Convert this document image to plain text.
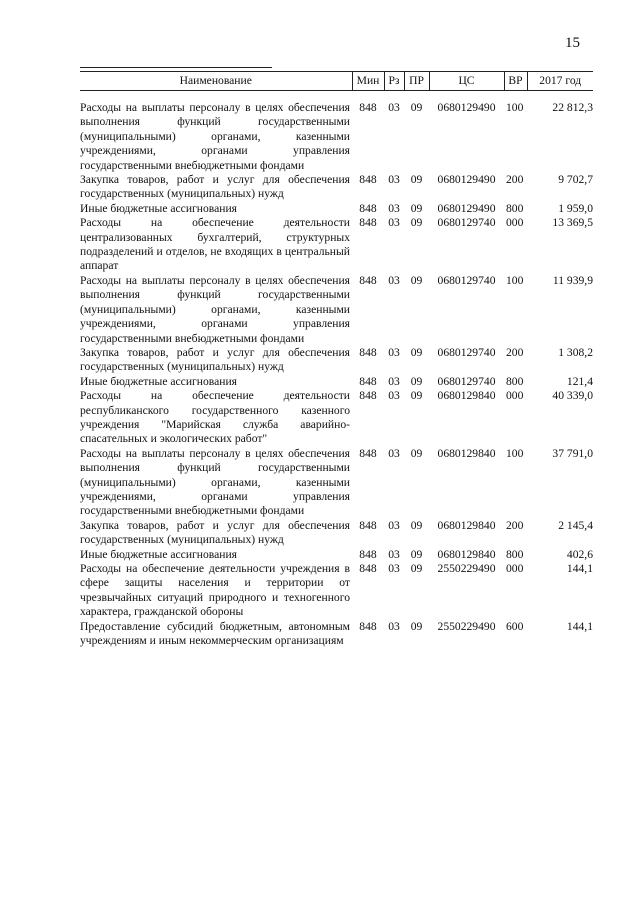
15
Наименование	Мин	Рз	ПР	ЦС	ВР	2017 год
Расходы на выплаты персоналу в целях обеспечения выполнения функций государственными (муниципальными) органами, казенными учреждениями, органами управления государственными внебюджетными фондами	848	03	09	0680129490	100	22 812,3
Закупка товаров, работ и услуг для обеспечения государственных (муниципальных) нужд	848	03	09	0680129490	200	9 702,7
Иные бюджетные ассигнования	848	03	09	0680129490	800	1 959,0
Расходы на обеспечение деятельности централизованных бухгалтерий, структурных подразделений и отделов, не входящих в центральный аппарат	848	03	09	0680129740	000	13 369,5
Расходы на выплаты персоналу в целях обеспечения выполнения функций государственными (муниципальными) органами, казенными учреждениями, органами управления государственными внебюджетными фондами	848	03	09	0680129740	100	11 939,9
Закупка товаров, работ и услуг для обеспечения государственных (муниципальных) нужд	848	03	09	0680129740	200	1 308,2
Иные бюджетные ассигнования	848	03	09	0680129740	800	121,4
Расходы на обеспечение деятельности республиканского государственного казенного учреждения "Марийская служба аварийно-спасательных и экологических работ"	848	03	09	0680129840	000	40 339,0
Расходы на выплаты персоналу в целях обеспечения выполнения функций государственными (муниципальными) органами, казенными учреждениями, органами управления государственными внебюджетными фондами	848	03	09	0680129840	100	37 791,0
Закупка товаров, работ и услуг для обеспечения государственных (муниципальных) нужд	848	03	09	0680129840	200	2 145,4
Иные бюджетные ассигнования	848	03	09	0680129840	800	402,6
Расходы на обеспечение деятельности учреждения в сфере защиты населения и территории от чрезвычайных ситуаций природного и техногенного характера, гражданской обороны	848	03	09	2550229490	000	144,1
Предоставление субсидий бюджетным, автономным учреждениям и иным некоммерческим организациям	848	03	09	2550229490	600	144,1
